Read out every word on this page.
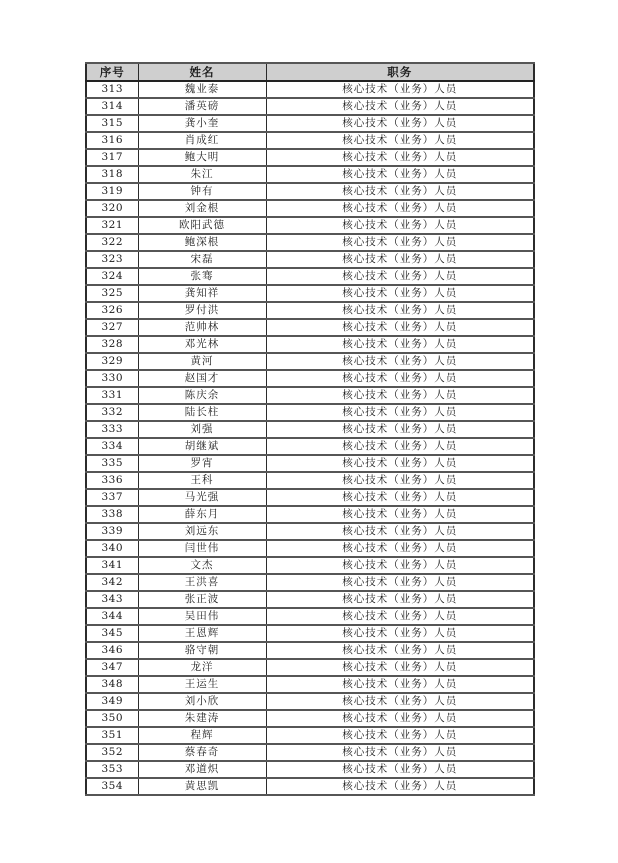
序号	姓名	职务
313	魏业泰	核心技术（业务）人员
314	潘英磅	核心技术（业务）人员
315	龚小奎	核心技术（业务）人员
316	肖成红	核心技术（业务）人员
317	鲍大明	核心技术（业务）人员
318	朱江	核心技术（业务）人员
319	钟有	核心技术（业务）人员
320	刘金根	核心技术（业务）人员
321	欧阳武德	核心技术（业务）人员
322	鲍深根	核心技术（业务）人员
323	宋磊	核心技术（业务）人员
324	张骞	核心技术（业务）人员
325	龚知祥	核心技术（业务）人员
326	罗付洪	核心技术（业务）人员
327	范帅林	核心技术（业务）人员
328	邓光林	核心技术（业务）人员
329	黄河	核心技术（业务）人员
330	赵国才	核心技术（业务）人员
331	陈庆余	核心技术（业务）人员
332	陆长柱	核心技术（业务）人员
333	刘强	核心技术（业务）人员
334	胡继斌	核心技术（业务）人员
335	罗宵	核心技术（业务）人员
336	王科	核心技术（业务）人员
337	马光强	核心技术（业务）人员
338	薛东月	核心技术（业务）人员
339	刘远东	核心技术（业务）人员
340	闫世伟	核心技术（业务）人员
341	文杰	核心技术（业务）人员
342	王洪喜	核心技术（业务）人员
343	张正波	核心技术（业务）人员
344	吴田伟	核心技术（业务）人员
345	王恩辉	核心技术（业务）人员
346	骆守朝	核心技术（业务）人员
347	龙洋	核心技术（业务）人员
348	王运生	核心技术（业务）人员
349	刘小欣	核心技术（业务）人员
350	朱建涛	核心技术（业务）人员
351	程辉	核心技术（业务）人员
352	蔡春奇	核心技术（业务）人员
353	邓道炽	核心技术（业务）人员
354	黄思凯	核心技术（业务）人员
